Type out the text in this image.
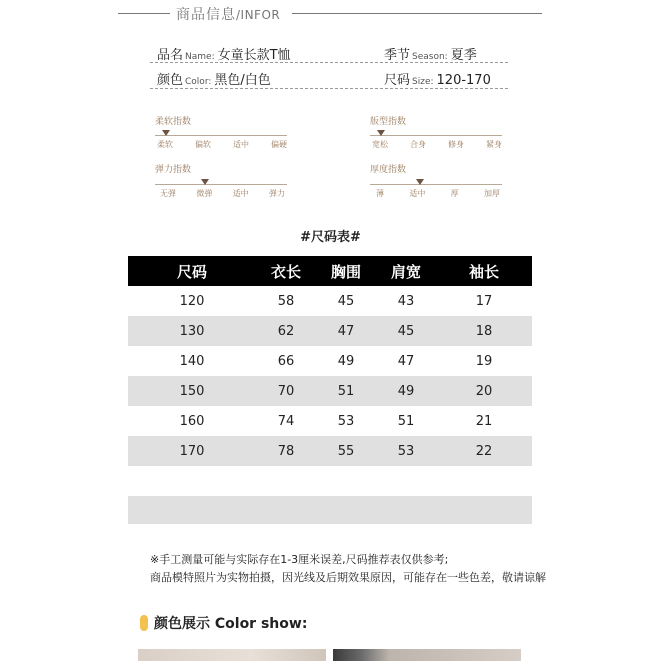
商品信息/INFOR
品名 Name: 女童长款T恤	季节 Season: 夏季
颜色 Color: 黑色/白色	尺码 Size: 120-170
柔软指数
柔软	偏软	适中	偏硬
版型指数
宽松	合身	修身	紧身
弹力指数
无弹	微弹	适中	弹力
厚度指数
薄	适中	厚	加厚
#尺码表#
尺码	衣长	胸围	肩宽	袖长
120	58	45	43	17
130	62	47	45	18
140	66	49	47	19
150	70	51	49	20
160	74	53	51	21
170	78	55	53	22
※手工测量可能与实际存在1-3厘米误差,尺码推荐表仅供参考;
商品模特照片为实物拍摄，因光线及后期效果原因，可能存在一些色差，敬请谅解
颜色展示 Color show:
